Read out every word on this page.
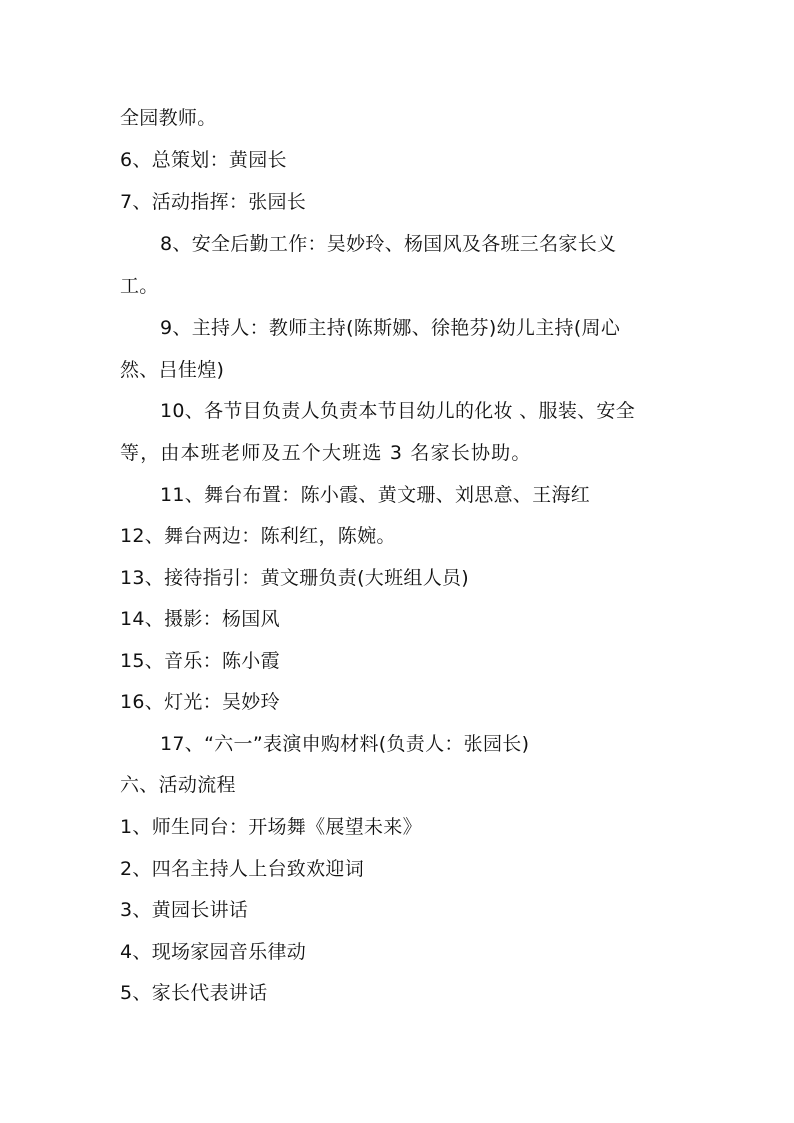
全园教师。
6、总策划：黄园长
7、活动指挥：张园长
8、安全后勤工作：吴妙玲、杨国风及各班三名家长义
工。
9、主持人：教师主持(陈斯娜、徐艳芬)幼儿主持(周心
然、吕佳煌)
10、各节目负责人负责本节目幼儿的化妆 、服装、安全
等，由本班老师及五个大班选 3 名家长协助。
11、舞台布置：陈小霞、黄文珊、刘思意、王海红
12、舞台两边：陈利红，陈婉。
13、接待指引：黄文珊负责(大班组人员)
14、摄影：杨国风
15、音乐：陈小霞
16、灯光：吴妙玲
17、“六一”表演申购材料(负责人：张园长)
六、活动流程
1、师生同台：开场舞《展望未来》
2、四名主持人上台致欢迎词
3、黄园长讲话
4、现场家园音乐律动
5、家长代表讲话
